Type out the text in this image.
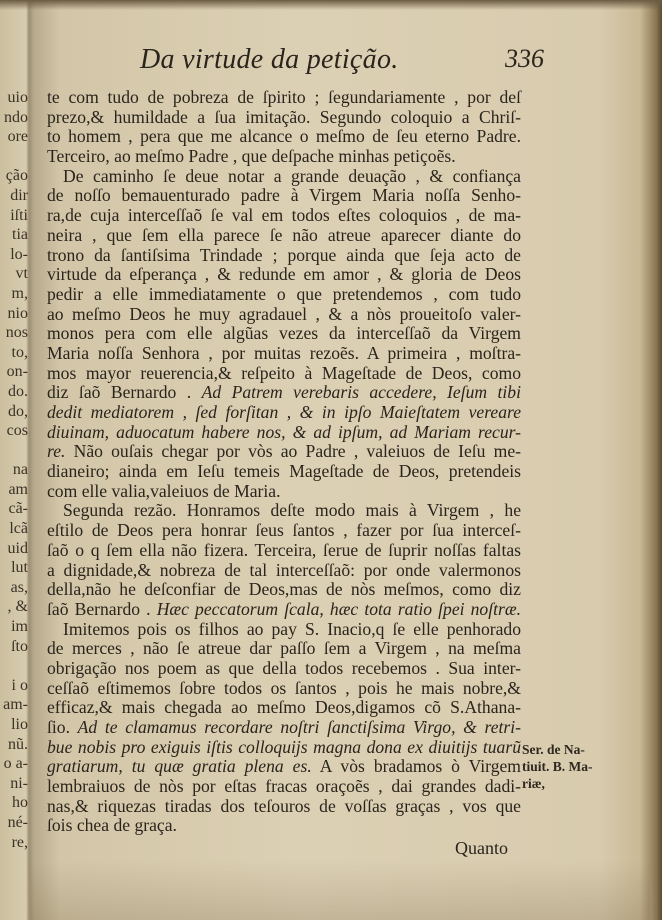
uio
ndo
ore
ção
dir
iſti
tia
lo-
vt
m,
nio
nos
to,
on-
do.
do,
cos
na
am
cã-
lcã
uid
lut
as,
, &
im
ſto
i o
am-
lio
nũ.
o a-
ni-
ho
né-
re,
Da virtude da petição.	336
te com tudo de pobreza de ſpirito ; ſegundariamente , por deſ
prezo,& humildade a ſua imitação. Segundo coloquio a Chriſ-
to homem , pera que me alcance o meſmo de ſeu eterno Padre.
Terceiro, ao meſmo Padre , que deſpache minhas petiçoẽs.
De caminho ſe deue notar a grande deuação , & confiança
de noſſo bemauenturado padre à Virgem Maria noſſa Senho-
ra,de cuja interceſſaõ ſe val em todos eſtes coloquios , de ma-
neira , que ſem ella parece ſe não atreue aparecer diante do
trono da ſantiſsima Trindade ; porque ainda que ſeja acto de
virtude da eſperança , & redunde em amor , & gloria de Deos
pedir a elle immediatamente o que pretendemos , com tudo
ao meſmo Deos he muy agradauel , & a nòs proueitoſo valer-
monos pera com elle algũas vezes da interceſſaõ da Virgem
Maria noſſa Senhora , por muitas rezoẽs. A primeira , moſtra-
mos mayor reuerencia,& reſpeito à Mageſtade de Deos, como
diz ſaõ Bernardo . Ad Patrem verebaris accedere, Ieſum tibi
dedit mediatorem , ſed forſitan , & in ipſo Maieſtatem vereare
diuinam, aduocatum habere nos, & ad ipſum, ad Mariam recur-
re. Não ouſais chegar por vòs ao Padre , valeiuos de Ieſu me-
dianeiro; ainda em Ieſu temeis Mageſtade de Deos, pretendeis
com elle valia,valeiuos de Maria.
Segunda rezão. Honramos deſte modo mais à Virgem , he
eſtilo de Deos pera honrar ſeus ſantos , fazer por ſua interceſ-
ſaõ o q ſem ella não fizera. Terceira, ſerue de ſuprir noſſas faltas
a dignidade,& nobreza de tal interceſſaõ: por onde valermonos
della,não he deſconfiar de Deos,mas de nòs meſmos, como diz
ſaõ Bernardo . Hæc peccatorum ſcala, hæc tota ratio ſpei noſtræ.
Imitemos pois os filhos ao pay S. Inacio,q ſe elle penhorado
de merces , não ſe atreue dar paſſo ſem a Virgem , na meſma
obrigação nos poem as que della todos recebemos . Sua inter-
ceſſaõ eſtimemos ſobre todos os ſantos , pois he mais nobre,&
efficaz,& mais chegada ao meſmo Deos,digamos cõ S.Athana-
ſio. Ad te clamamus recordare noſtri ſanctiſsima Virgo, & retri-
bue nobis pro exiguis iſtis colloquijs magna dona ex diuitijs tuarũ
gratiarum, tu quæ gratia plena es. A vòs bradamos ò Virgem
lembraiuos de nòs por eſtas fracas oraçoẽs , dai grandes dadi-
nas,& riquezas tiradas dos teſouros de voſſas graças , vos que
ſois chea de graça.
Ser. de Na-
tiuit. B. Ma-
riæ,
Quanto
